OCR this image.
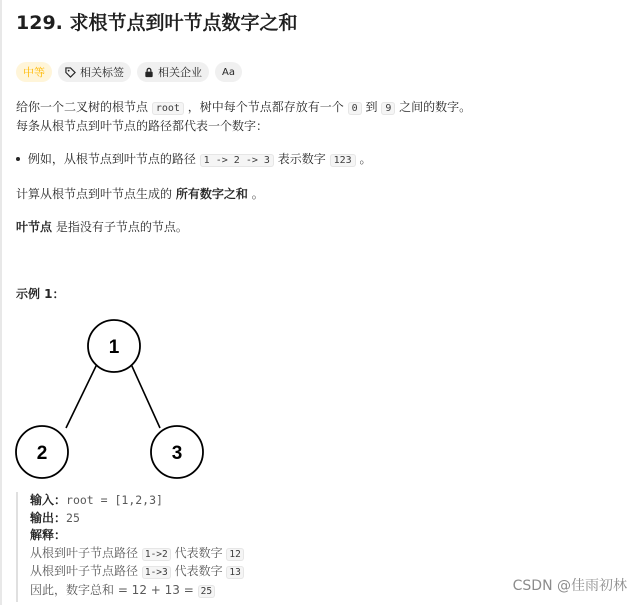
129. 求根节点到叶节点数字之和
中等	相关标签	相关企业 Aa
给你一个二叉树的根节点 root ，树中每个节点都存放有一个 0 到 9 之间的数字。
每条从根节点到叶节点的路径都代表一个数字：
例如，从根节点到叶节点的路径 1 -> 2 -> 3 表示数字 123 。
计算从根节点到叶节点生成的 所有数字之和 。
叶节点 是指没有子节点的节点。
示例 1：
1
2	3
输入：root = [1,2,3]
输出：25
解释：
从根到叶子节点路径 1->2 代表数字 12
从根到叶子节点路径 1->3 代表数字 13
因此，数字总和 = 12 + 13 = 25	CSDN @佳雨初林
